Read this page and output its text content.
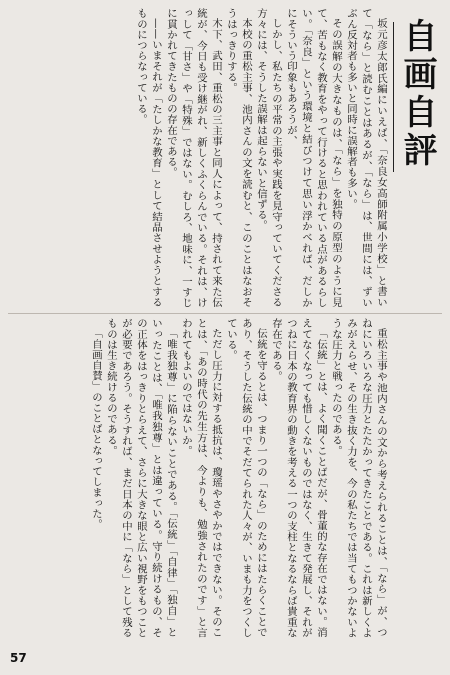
自画自評

坂元彦太郎氏編にいえば、「奈良女高師附属小学校」と書いて「なら」と読むことはあるが、「なら」は、世間には、ずいぶん反対者も多いと同時に誤解者も多い。

その誤解の大きなものは、「なら」を独特の原型のように見て、苦もなく教育をやって行けると思われている点があるらしい。「奈良」という環境と結びつけて思い浮かべれば、だしかにそういう印象もあろうが、

しかし、私たちの平常の主張や実践を見守っていてくださる方々には、そうした誤解は起らないと信ずる。

本校の重松主事、池内さんの文を読むと、このことはなおそうはっきりする。

木下、武田、重松の三主事と同人によって、持されて来た伝統が、今日も受け継がれ、新しくふくらんでいる。それは、けっして「甘さ」や「特殊」ではない。むしろ、地味に、一すじに貫かれてきたものの存在である。

——いまそれが「たしかな教育」として結晶させようとするものにつらなっている。

重松主事や池内さんの文から考えられることは、「なら」が、つねにいろいろな圧力とたたかってきたことである。これは新しくよみがえらせ、その生き抜く力を、今の私たちでは当てもつかないような圧力と戦ったのである。

「伝統」とは、よく聞くことばだが、骨董的な存在ではない。消えてなくなっても惜しくないものではなく、生きて発展し、それが つねに日本の教育界の動きを考える一つの支柱となるならば貴重な存在である。

伝統を守るとは、つまり一つの「なら」のためにはたらくことであり、そうした伝統の中でそだてられた人々が、いまも力をつくしている。

ただし圧力に対する抵抗は、瓊瑶やさやかではできない。そのことは、「あの時代の先生方は、今よりも、勉強されたのです」と言われてもよいのではないか。

「唯我独尊」に陥らないことである。「伝統」「自律」「独自」といったことは、「唯我独尊」とは違っている。守り続けるもの、その正体をはっきりとらえて、さらに大きな眼と広い視野をもつことが必要であろう。そうすれば、まだ日本の中に「なら」として残るものは生き続けるのである。

「自画自賛」のことばとなってしまった。

57
